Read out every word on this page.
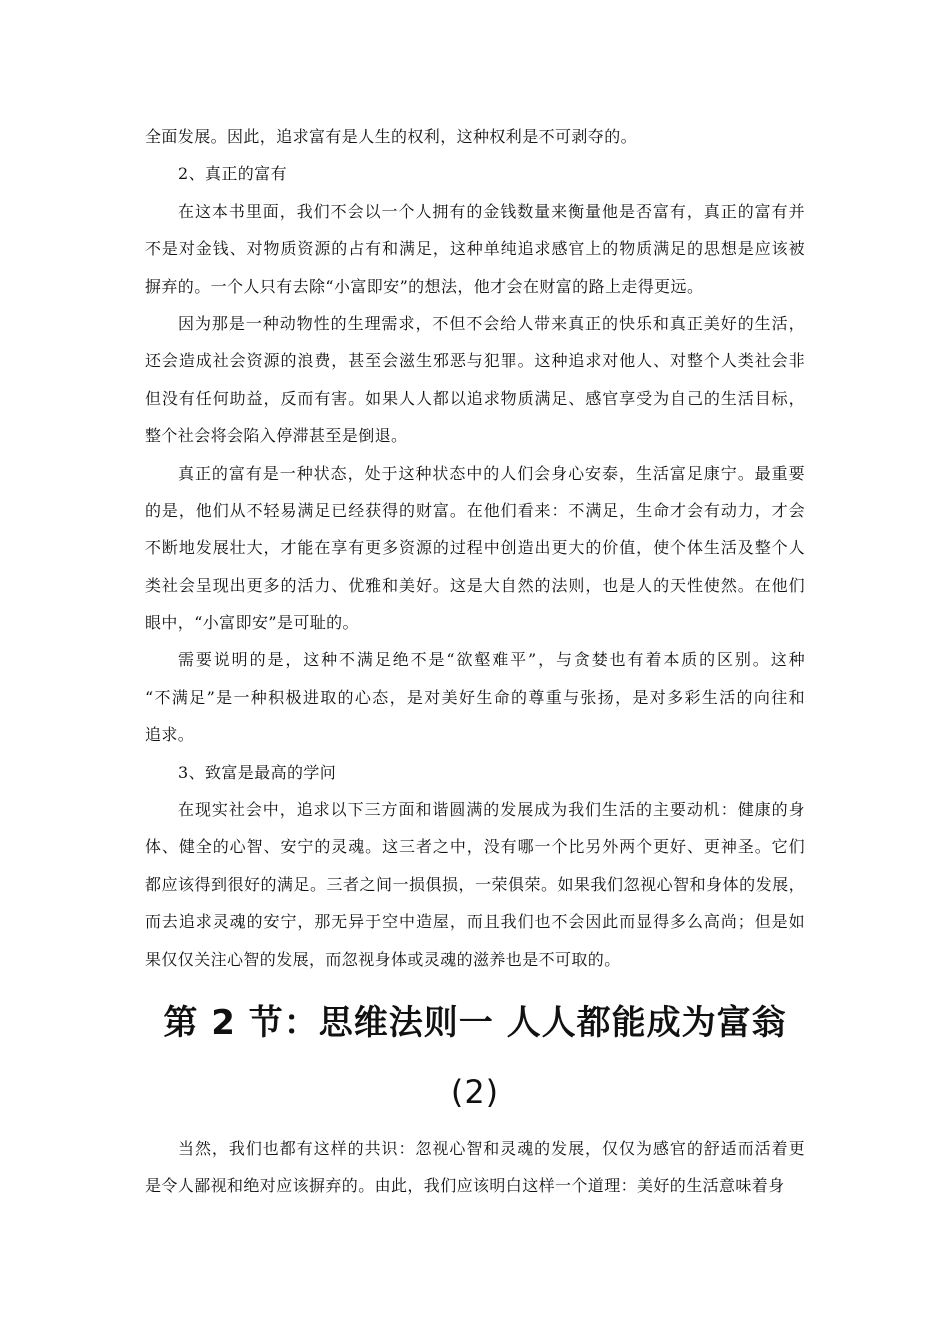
全面发展。因此，追求富有是人生的权利，这种权利是不可剥夺的。
2、真正的富有
在这本书里面，我们不会以一个人拥有的金钱数量来衡量他是否富有，真正的富有并
不是对金钱、对物质资源的占有和满足，这种单纯追求感官上的物质满足的思想是应该被
摒弃的。一个人只有去除“小富即安”的想法，他才会在财富的路上走得更远。
因为那是一种动物性的生理需求，不但不会给人带来真正的快乐和真正美好的生活，
还会造成社会资源的浪费，甚至会滋生邪恶与犯罪。这种追求对他人、对整个人类社会非
但没有任何助益，反而有害。如果人人都以追求物质满足、感官享受为自己的生活目标，
整个社会将会陷入停滞甚至是倒退。
真正的富有是一种状态，处于这种状态中的人们会身心安泰，生活富足康宁。最重要
的是，他们从不轻易满足已经获得的财富。在他们看来：不满足，生命才会有动力，才会
不断地发展壮大，才能在享有更多资源的过程中创造出更大的价值，使个体生活及整个人
类社会呈现出更多的活力、优雅和美好。这是大自然的法则，也是人的天性使然。在他们
眼中，“小富即安”是可耻的。
需要说明的是，这种不满足绝不是“欲壑难平”，与贪婪也有着本质的区别。这种
“不满足”是一种积极进取的心态，是对美好生命的尊重与张扬，是对多彩生活的向往和
追求。
3、致富是最高的学问
在现实社会中，追求以下三方面和谐圆满的发展成为我们生活的主要动机：健康的身
体、健全的心智、安宁的灵魂。这三者之中，没有哪一个比另外两个更好、更神圣。它们
都应该得到很好的满足。三者之间一损俱损，一荣俱荣。如果我们忽视心智和身体的发展，
而去追求灵魂的安宁，那无异于空中造屋，而且我们也不会因此而显得多么高尚；但是如
果仅仅关注心智的发展，而忽视身体或灵魂的滋养也是不可取的。
第 2 节：思维法则一 人人都能成为富翁
(2)
当然，我们也都有这样的共识：忽视心智和灵魂的发展，仅仅为感官的舒适而活着更
是令人鄙视和绝对应该摒弃的。由此，我们应该明白这样一个道理：美好的生活意味着身
